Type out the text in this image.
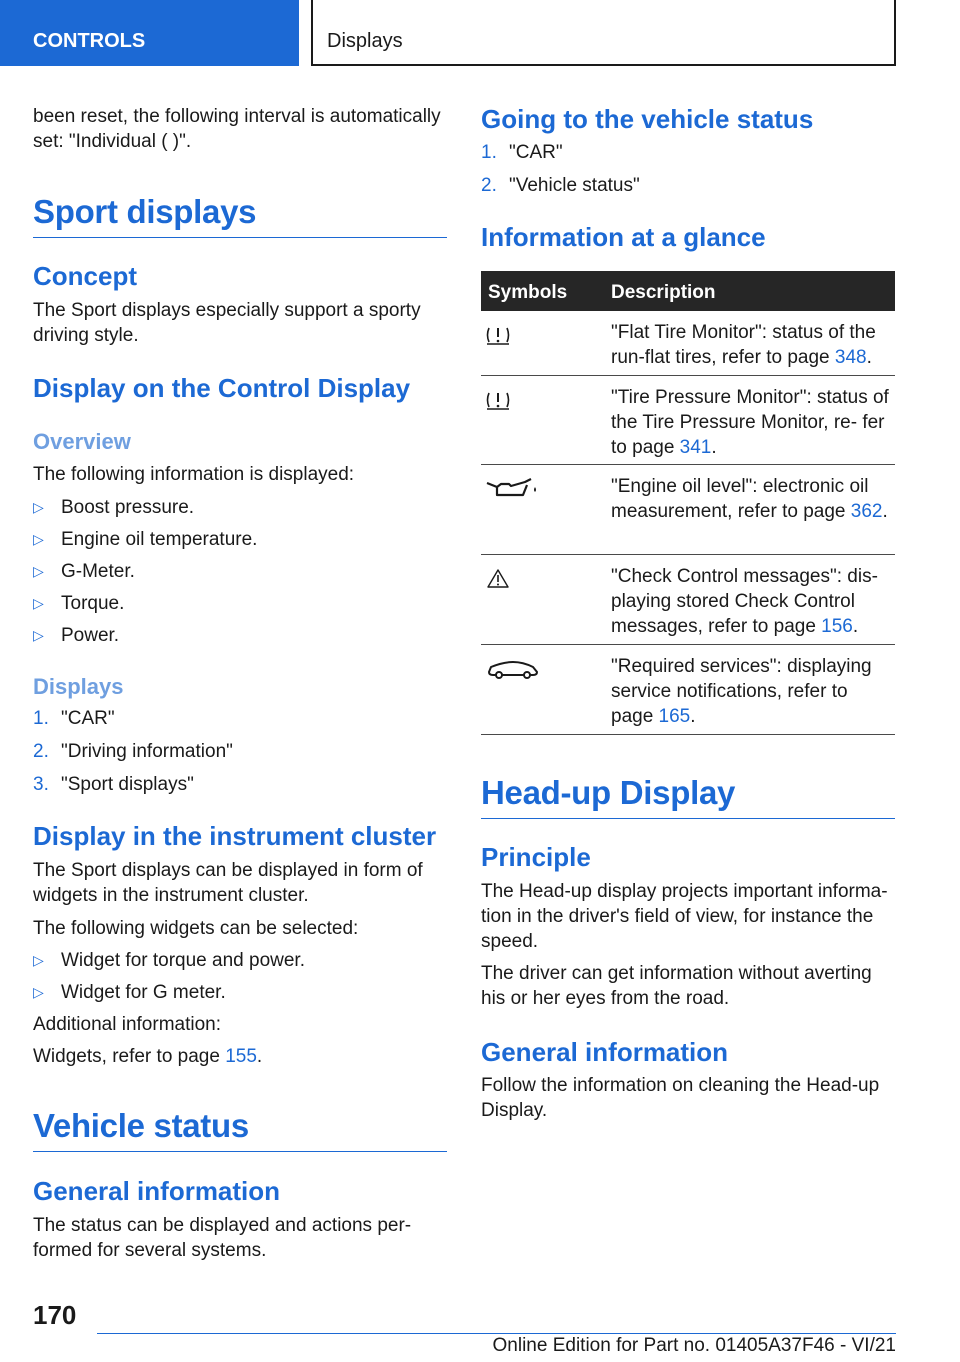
CONTROLS	Displays
been reset, the following interval is automatically set: "Individual ( )".
Sport displays
Concept
The Sport displays especially support a sporty driving style.
Display on the Control Display
Overview
The following information is displayed:
▷ Boost pressure.
▷ Engine oil temperature.
▷ G-Meter.
▷ Torque.
▷ Power.
Displays
1. "CAR"
2. "Driving information"
3. "Sport displays"
Display in the instrument cluster
The Sport displays can be displayed in form of widgets in the instrument cluster.
The following widgets can be selected:
▷ Widget for torque and power.
▷ Widget for G meter.
Additional information:
Widgets, refer to page 155.
Vehicle status
General information
The status can be displayed and actions per- formed for several systems.
Going to the vehicle status
1. "CAR"
2. "Vehicle status"
Information at a glance
Symbols Description
"Flat Tire Monitor": status of the run-flat tires, refer to page 348.
"Tire Pressure Monitor": status of the Tire Pressure Monitor, re- fer to page 341.
"Engine oil level": electronic oil measurement, refer to page 362.
"Check Control messages": dis- playing stored Check Control messages, refer to page 156.
"Required services": displaying service notifications, refer to page 165.
Head-up Display
Principle
The Head-up display projects important informa- tion in the driver's field of view, for instance the speed.
The driver can get information without averting his or her eyes from the road.
General information
Follow the information on cleaning the Head-up Display.
170
Online Edition for Part no. 01405A37F46 - VI/21
